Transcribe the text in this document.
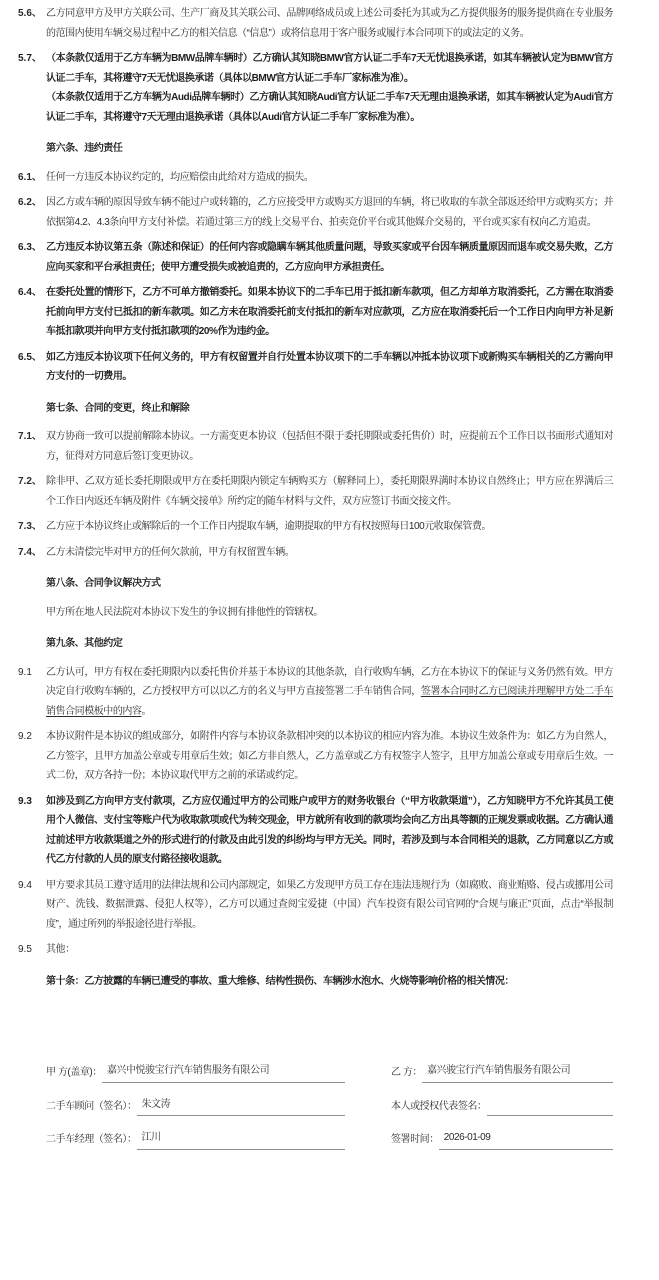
5.6、 乙方同意甲方及甲方关联公司、生产厂商及其关联公司、品牌网络成员或上述公司委托为其或为乙方提供服务的服务提供商在专业服务的范围内使用车辆交易过程中乙方的相关信息（“信息”）或将信息用于客户服务或履行本合同项下的或法定的义务。
5.7、 （本条款仅适用于乙方车辆为BMW品牌车辆时）乙方确认其知晓BMW官方认证二手车7天无忧退换承诺，如其车辆被认定为BMW官方认证二手车，其将遵守7天无忧退换承诺（具体以BMW官方认证二手车厂家标准为准）。
（本条款仅适用于乙方车辆为Audi品牌车辆时）乙方确认其知晓Audi官方认证二手车7天无理由退换承诺，如其车辆被认定为Audi官方认证二手车，其将遵守7天无理由退换承诺（具体以Audi官方认证二手车厂家标准为准）。
第六条、违约责任
6.1、 任何一方违反本协议约定的，均应赔偿由此给对方造成的损失。
6.2、 因乙方或车辆的原因导致车辆不能过户或转籍的，乙方应接受甲方或购买方退回的车辆，将已收取的车款全部返还给甲方或购买方；并依据第4.2、4.3条向甲方支付补偿。若通过第三方的线上交易平台、拍卖竞价平台或其他媒介交易的，平台或买家有权向乙方追责。
6.3、 乙方违反本协议第五条（陈述和保证）的任何内容或隐瞒车辆其他质量问题，导致买家或平台因车辆质量原因而退车或交易失败，乙方应向买家和平台承担责任；使甲方遭受损失或被追责的，乙方应向甲方承担责任。
6.4、 在委托处置的情形下，乙方不可单方撤销委托。如果本协议下的二手车已用于抵扣新车款项，但乙方却单方取消委托，乙方需在取消委托前向甲方支付已抵扣的新车款项。如乙方未在取消委托前支付抵扣的新车对应款项，乙方应在取消委托后一个工作日内向甲方补足新车抵扣款项并向甲方支付抵扣款项的20%作为违约金。
6.5、 如乙方违反本协议项下任何义务的，甲方有权留置并自行处置本协议项下的二手车辆以冲抵本协议项下或新购买车辆相关的乙方需向甲方支付的一切费用。
第七条、合同的变更，终止和解除
7.1、 双方协商一致可以提前解除本协议。一方需变更本协议（包括但不限于委托期限或委托售价）时，应提前五个工作日以书面形式通知对方，征得对方同意后签订变更协议。
7.2、 除非甲、乙双方延长委托期限或甲方在委托期限内锁定车辆购买方（解释同上），委托期限界满时本协议自然终止；甲方应在界满后三个工作日内返还车辆及附件《车辆交接单》所约定的随车材料与文件，双方应签订书面交接文件。
7.3、 乙方应于本协议终止或解除后的一个工作日内提取车辆，逾期提取的甲方有权按照每日100元收取保管费。
7.4、 乙方未清偿完毕对甲方的任何欠款前，甲方有权留置车辆。
第八条、合同争议解决方式
甲方所在地人民法院对本协议下发生的争议拥有排他性的管辖权。
第九条、其他约定
9.1 乙方认可，甲方有权在委托期限内以委托售价并基于本协议的其他条款，自行收购车辆，乙方在本协议下的保证与义务仍然有效。甲方决定自行收购车辆的，乙方授权甲方可以以乙方的名义与甲方直接签署二手车销售合同，签署本合同时乙方已阅读并理解甲方处二手车销售合同模板中的内容。
9.2 本协议附件是本协议的组成部分，如附件内容与本协议条款相冲突的以本协议的相应内容为准。本协议生效条件为：如乙方为自然人，乙方签字，且甲方加盖公章或专用章后生效；如乙方非自然人，乙方盖章或乙方有权签字人签字，且甲方加盖公章或专用章后生效。一式二份，双方各持一份；本协议取代甲方之前的承诺或约定。
9.3 如涉及到乙方向甲方支付款项，乙方应仅通过甲方的公司账户或甲方的财务收银台（“甲方收款渠道”），乙方知晓甲方不允许其员工使用个人微信、支付宝等账户代为收取款项或代为转交现金，甲方就所有收到的款项均会向乙方出具等额的正规发票或收据。乙方确认通过前述甲方收款渠道之外的形式进行的付款及由此引发的纠纷均与甲方无关。同时，若涉及到与本合同相关的退款，乙方同意以乙方或代乙方付款的人员的原支付路径接收退款。
9.4 甲方要求其员工遵守适用的法律法规和公司内部规定，如果乙方发现甲方员工存在违法违规行为（如腐败、商业贿赂、侵占或挪用公司财产、洗钱、数据泄露、侵犯人权等），乙方可以通过查阅宝爱捷（中国）汽车投资有限公司官网的“合规与廉正”页面，点击“举报制度”，通过所列的举报途径进行举报。
9.5 其他：
第十条：乙方披露的车辆已遭受的事故、重大维修、结构性损伤、车辆涉水泡水、火烧等影响价格的相关情况：
甲 方(盖章)： 嘉兴中悦骏宝行汽车销售服务有限公司	乙 方： 嘉兴骏宝行汽车销售服务有限公司
二手车顾问（签名）： 朱文涛	本人或授权代表签名：
二手车经理（签名）： 江川	签署时间： 2026-01-09
